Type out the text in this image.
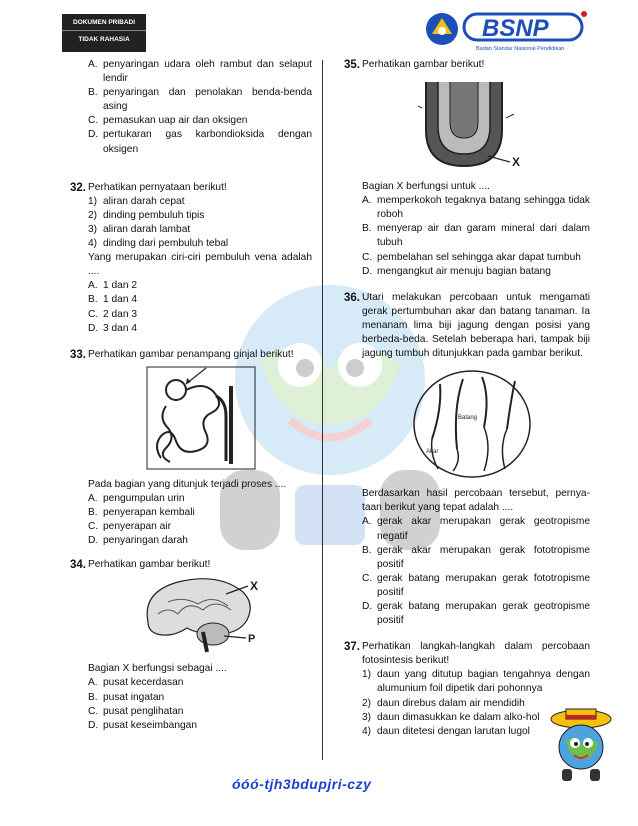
DOKUMEN PRIBADI
TIDAK RAHASIA	BSNP
Badan Standar Nasional Pendidikan
A. penyaringan udara oleh rambut dan selaput lendir
B. penyaringan dan penolakan benda-benda asing
C. pemasukan uap air dan oksigen
D. pertukaran gas karbondioksida dengan oksigen
32. Perhatikan pernyataan berikut!
1) aliran darah cepat
2) dinding pembuluh tipis
3) aliran darah lambat
4) dinding dari pembuluh tebal
Yang merupakan ciri-ciri pembuluh vena adalah ....
A. 1 dan 2
B. 1 dan 4
C. 2 dan 3
D. 3 dan 4
33. Perhatikan gambar penampang ginjal berikut!
Pada bagian yang ditunjuk terjadi proses ....
A. pengumpulan urin
B. penyerapan kembali
C. penyerapan air
D. penyaringan darah
34. Perhatikan gambar berikut!
X
P
Bagian X berfungsi sebagai ....
A. pusat kecerdasan
B. pusat ingatan
C. pusat penglihatan
D. pusat keseimbangan
35. Perhatikan gambar berikut!
X
Bagian X berfungsi untuk ....
A. memperkokoh tegaknya batang sehingga tidak roboh
B. menyerap air dan garam mineral dari dalam tubuh
C. pembelahan sel sehingga akar dapat tumbuh
D. mengangkut air menuju bagian batang
36. Utari melakukan percobaan untuk mengamati gerak pertumbuhan akar dan batang tanaman. Ia menanam lima biji jagung dengan posisi yang berbeda-beda. Setelah beberapa hari, tampak biji jagung tumbuh ditunjukkan pada gambar berikut.
Batang
Akar
Berdasarkan hasil percobaan tersebut, pernya-taan berikut yang tepat adalah ....
A. gerak akar merupakan gerak geotropisme negatif
B. gerak akar merupakan gerak fototropisme positif
C. gerak batang merupakan gerak fototropisme positif
D. gerak batang merupakan gerak geotropisme positif
37. Perhatikan langkah-langkah dalam percobaan fotosintesis berikut!
1) daun yang ditutup bagian tengahnya dengan alumunium foil dipetik dari pohonnya
2) daun direbus dalam air mendidih
3) daun dimasukkan ke dalam alko-hol
4) daun ditetesi dengan larutan lugol
óóó-tjh3bdupjri-czy
